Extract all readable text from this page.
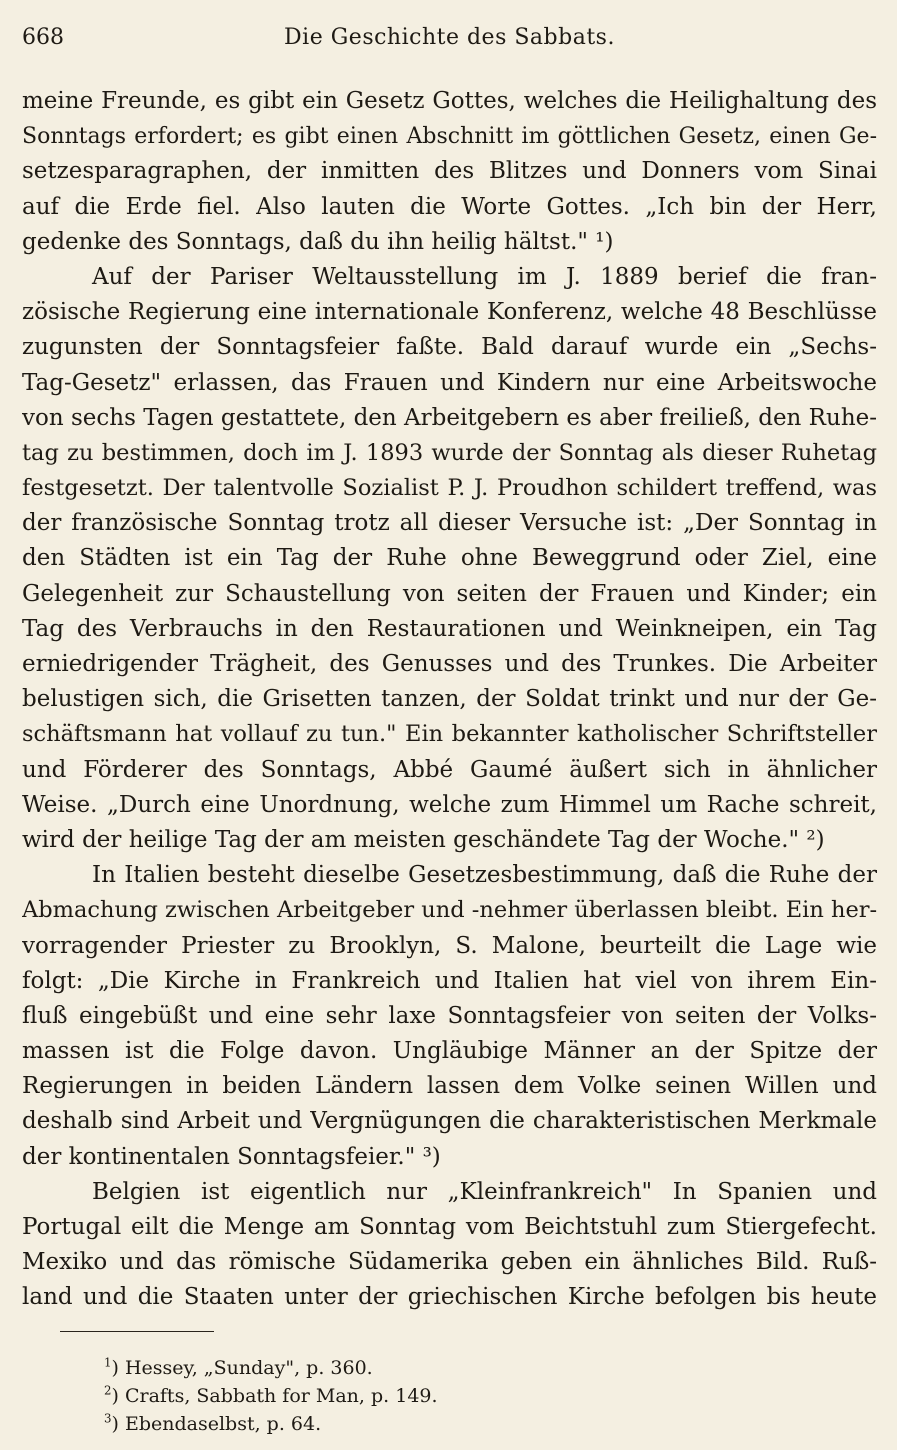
668	Die Geschichte des Sabbats.
meine Freunde, es gibt ein Gesetz Gottes, welches die Heilighaltung des
Sonntags erfordert; es gibt einen Abschnitt im göttlichen Gesetz, einen Ge-
setzesparagraphen, der inmitten des Blitzes und Donners vom Sinai
auf die Erde fiel. Also lauten die Worte Gottes. „Ich bin der Herr,
gedenke des Sonntags, daß du ihn heilig hältst." ¹)
Auf der Pariser Weltausstellung im J. 1889 berief die fran-
zösische Regierung eine internationale Konferenz, welche 48 Beschlüsse
zugunsten der Sonntagsfeier faßte. Bald darauf wurde ein „Sechs-
Tag-Gesetz" erlassen, das Frauen und Kindern nur eine Arbeitswoche
von sechs Tagen gestattete, den Arbeitgebern es aber freiließ, den Ruhe-
tag zu bestimmen, doch im J. 1893 wurde der Sonntag als dieser Ruhetag
festgesetzt. Der talentvolle Sozialist P. J. Proudhon schildert treffend, was
der französische Sonntag trotz all dieser Versuche ist: „Der Sonntag in
den Städten ist ein Tag der Ruhe ohne Beweggrund oder Ziel, eine
Gelegenheit zur Schaustellung von seiten der Frauen und Kinder; ein
Tag des Verbrauchs in den Restaurationen und Weinkneipen, ein Tag
erniedrigender Trägheit, des Genusses und des Trunkes. Die Arbeiter
belustigen sich, die Grisetten tanzen, der Soldat trinkt und nur der Ge-
schäftsmann hat vollauf zu tun." Ein bekannter katholischer Schriftsteller
und Förderer des Sonntags, Abbé Gaumé äußert sich in ähnlicher
Weise. „Durch eine Unordnung, welche zum Himmel um Rache schreit,
wird der heilige Tag der am meisten geschändete Tag der Woche." ²)
In Italien besteht dieselbe Gesetzesbestimmung, daß die Ruhe der
Abmachung zwischen Arbeitgeber und -nehmer überlassen bleibt. Ein her-
vorragender Priester zu Brooklyn, S. Malone, beurteilt die Lage wie
folgt: „Die Kirche in Frankreich und Italien hat viel von ihrem Ein-
fluß eingebüßt und eine sehr laxe Sonntagsfeier von seiten der Volks-
massen ist die Folge davon. Ungläubige Männer an der Spitze der
Regierungen in beiden Ländern lassen dem Volke seinen Willen und
deshalb sind Arbeit und Vergnügungen die charakteristischen Merkmale
der kontinentalen Sonntagsfeier." ³)
Belgien ist eigentlich nur „Kleinfrankreich" In Spanien und
Portugal eilt die Menge am Sonntag vom Beichtstuhl zum Stiergefecht.
Mexiko und das römische Südamerika geben ein ähnliches Bild. Ruß-
land und die Staaten unter der griechischen Kirche befolgen bis heute
$^1$) Hessey, „Sunday", p. 360.
$^2$) Crafts, Sabbath for Man, p. 149.
$^3$) Ebendaselbst, p. 64.
